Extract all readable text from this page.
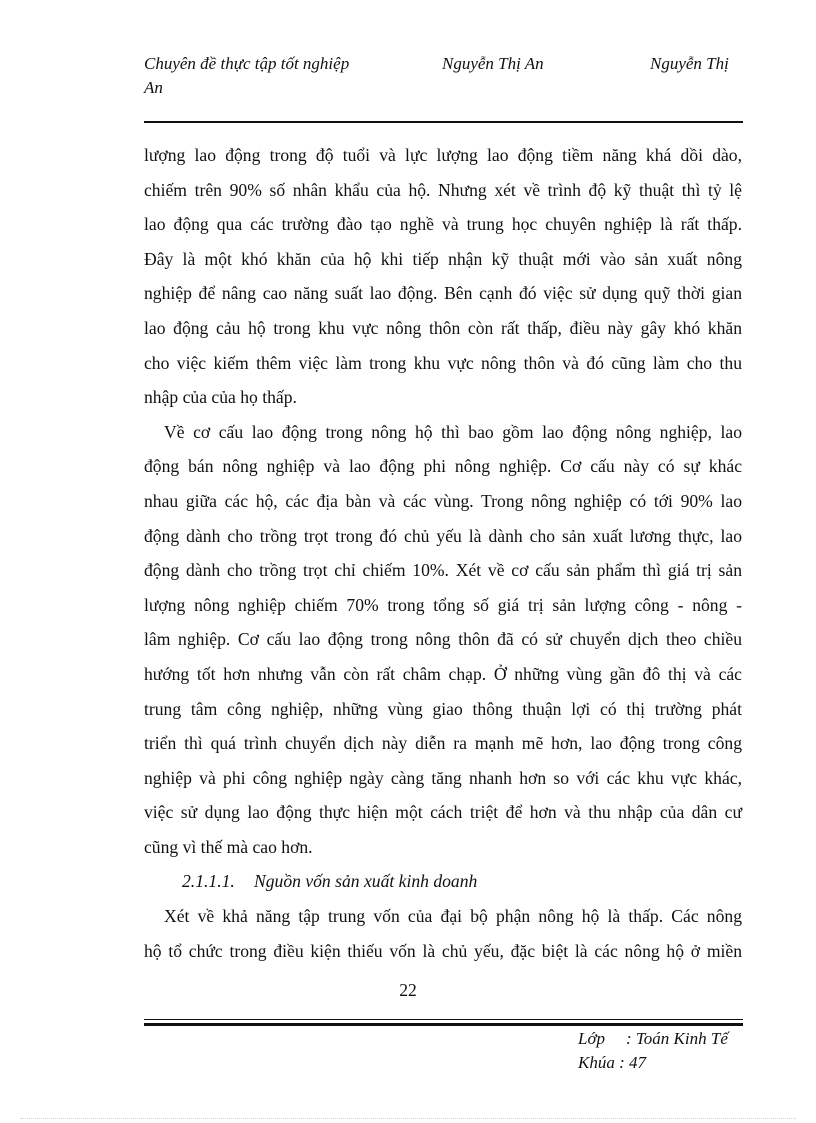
Chuyên đề thực tập tốt nghiệp	Nguyễn Thị An	Nguyễn Thị
An
lượng lao động trong độ tuổi và lực lượng lao động tiềm năng khá dồi dào,
chiếm trên 90% số nhân khẩu của hộ. Nhưng xét về trình độ kỹ thuật thì tỷ lệ
lao động qua các trường đào tạo nghề và trung học chuyên nghiệp là rất thấp.
Đây là một khó khăn của hộ khi tiếp nhận kỹ thuật mới vào sản xuất nông
nghiệp để nâng cao năng suất lao động. Bên cạnh đó việc sử dụng quỹ thời gian
lao động cảu hộ trong khu vực nông thôn còn rất thấp, điều này gây khó khăn
cho việc kiếm thêm việc làm trong khu vực nông thôn và đó cũng làm cho thu
nhập của của họ thấp.
Về cơ cấu lao động trong nông hộ thì bao gồm lao động nông nghiệp, lao
động bán nông nghiệp và lao động phi nông nghiệp. Cơ cấu này có sự khác
nhau giữa các hộ, các địa bàn và các vùng. Trong nông nghiệp có tới 90% lao
động dành cho trồng trọt trong đó chủ yếu là dành cho sản xuất lương thực, lao
động dành cho trồng trọt chỉ chiếm 10%. Xét về cơ cấu sản phẩm thì giá trị sản
lượng nông nghiệp chiếm 70% trong tổng số giá trị sản lượng công - nông -
lâm nghiệp. Cơ cấu lao động trong nông thôn đã có sử chuyển dịch theo chiều
hướng tốt hơn nhưng vẫn còn rất châm chạp. Ở những vùng gần đô thị và các
trung tâm công nghiệp, những vùng giao thông thuận lợi có thị trường phát
triển thì quá trình chuyển dịch này diễn ra mạnh mẽ hơn, lao động trong công
nghiệp và phi công nghiệp ngày càng tăng nhanh hơn so với các khu vực khác,
việc sử dụng lao động thực hiện một cách triệt để hơn và thu nhập của dân cư
cũng vì thế mà cao hơn.
2.1.1.1. Nguồn vốn sản xuất kinh doanh
Xét về khả năng tập trung vốn của đại bộ phận nông hộ là thấp. Các nông
hộ tổ chức trong điều kiện thiếu vốn là chủ yếu, đặc biệt là các nông hộ ở miền
22
Lớp : Toán Kinh Tế
Khúa : 47
